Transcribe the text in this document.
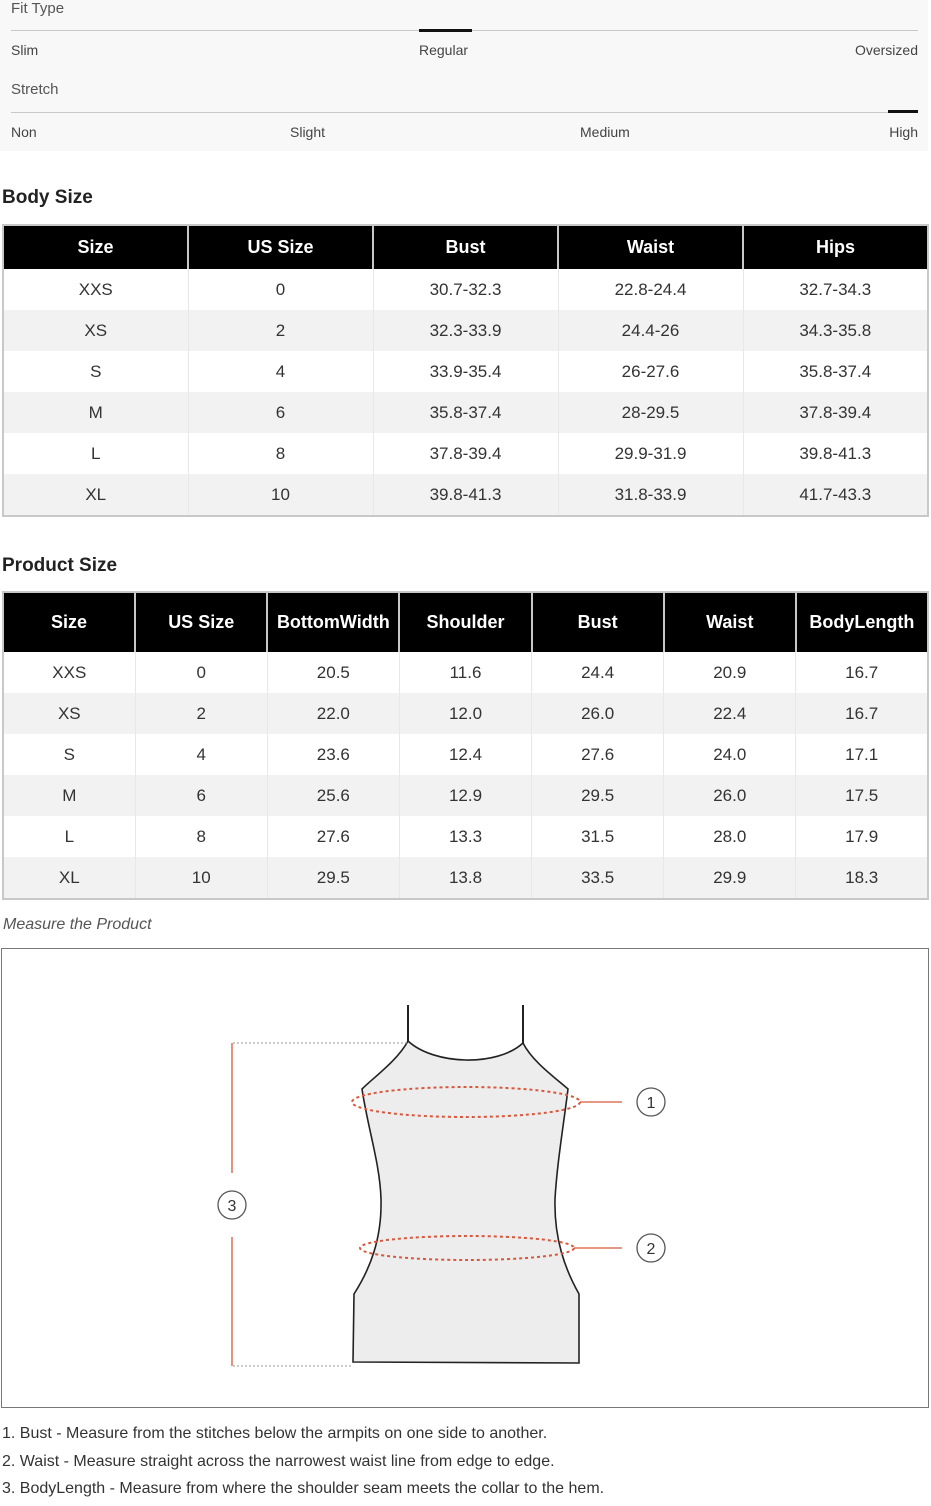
Fit Type
Slim	Regular	Oversized
Stretch
Non	Slight	Medium	High
Body Size
Size	US Size	Bust	Waist	Hips
XXS	0	30.7-32.3	22.8-24.4	32.7-34.3
XS	2	32.3-33.9	24.4-26	34.3-35.8
S	4	33.9-35.4	26-27.6	35.8-37.4
M	6	35.8-37.4	28-29.5	37.8-39.4
L	8	37.8-39.4	29.9-31.9	39.8-41.3
XL	10	39.8-41.3	31.8-33.9	41.7-43.3
Product Size
Size	US Size	BottomWidth	Shoulder	Bust	Waist	BodyLength
XXS	0	20.5	11.6	24.4	20.9	16.7
XS	2	22.0	12.0	26.0	22.4	16.7
S	4	23.6	12.4	27.6	24.0	17.1
M	6	25.6	12.9	29.5	26.0	17.5
L	8	27.6	13.3	31.5	28.0	17.9
XL	10	29.5	13.8	33.5	29.9	18.3
Measure the Product
1
2
3
1. Bust - Measure from the stitches below the armpits on one side to another.
2. Waist - Measure straight across the narrowest waist line from edge to edge.
3. BodyLength - Measure from where the shoulder seam meets the collar to the hem.
